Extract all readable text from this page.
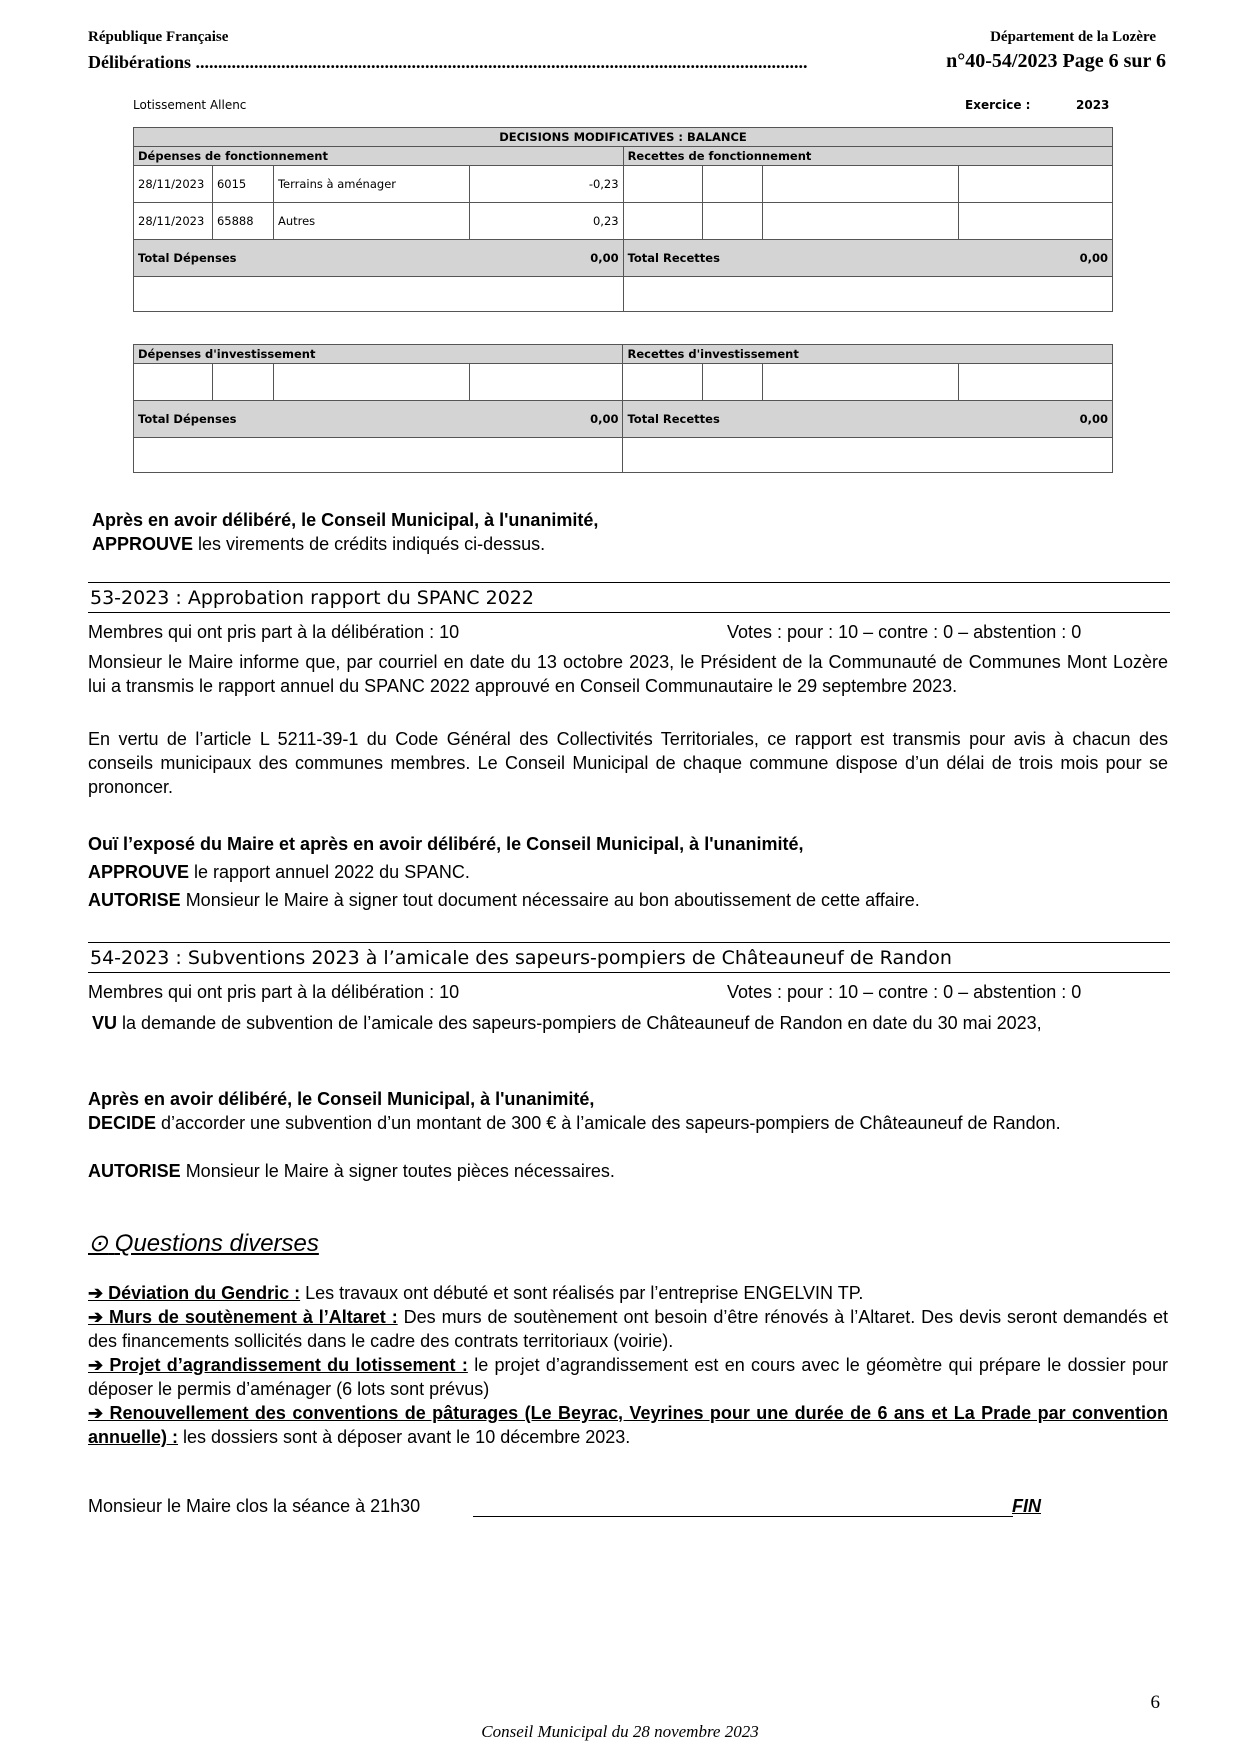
République Française	Département de la Lozère
Délibérations ........................................................................................................................................	n°40-54/2023 Page 6 sur 6
Lotissement Allenc	Exercice :	2023
DECISIONS MODIFICATIVES : BALANCE							
Dépenses de fonctionnement				Recettes de fonctionnement			
28/11/2023	6015	Terrains à aménager	-0,23				
28/11/2023	65888	Autres	0,23				
Total Dépenses			0,00	Total Recettes			0,00

Dépenses d'investissement				Recettes d'investissement			

Total Dépenses			0,00	Total Recettes			0,00

Après en avoir délibéré, le Conseil Municipal, à l'unanimité,
APPROUVE les virements de crédits indiqués ci-dessus.
53-2023 : Approbation rapport du SPANC 2022
Membres qui ont pris part à la délibération : 10	Votes : pour : 10 – contre : 0 – abstention : 0
Monsieur le Maire informe que, par courriel en date du 13 octobre 2023, le Président de la Communauté de Communes Mont Lozère lui a transmis le rapport annuel du SPANC 2022 approuvé en Conseil Communautaire le 29 septembre 2023.
En vertu de l’article L 5211-39-1 du Code Général des Collectivités Territoriales, ce rapport est transmis pour avis à chacun des conseils municipaux des communes membres. Le Conseil Municipal de chaque commune dispose d’un délai de trois mois pour se prononcer.
Ouï l’exposé du Maire et après en avoir délibéré, le Conseil Municipal, à l'unanimité,
APPROUVE le rapport annuel 2022 du SPANC.
AUTORISE Monsieur le Maire à signer tout document nécessaire au bon aboutissement de cette affaire.
54-2023 : Subventions 2023 à l’amicale des sapeurs-pompiers de Châteauneuf de Randon
Membres qui ont pris part à la délibération : 10	Votes : pour : 10 – contre : 0 – abstention : 0
VU la demande de subvention de l’amicale des sapeurs-pompiers de Châteauneuf de Randon en date du 30 mai 2023,
Après en avoir délibéré, le Conseil Municipal, à l'unanimité,
DECIDE d’accorder une subvention d’un montant de 300 € à l’amicale des sapeurs-pompiers de Châteauneuf de Randon.
AUTORISE Monsieur le Maire à signer toutes pièces nécessaires.
⊙ Questions diverses
➔ Déviation du Gendric : Les travaux ont débuté et sont réalisés par l’entreprise ENGELVIN TP.
➔ Murs de soutènement à l’Altaret : Des murs de soutènement ont besoin d’être rénovés à l’Altaret. Des devis seront demandés et des financements sollicités dans le cadre des contrats territoriaux (voirie).
➔ Projet d’agrandissement du lotissement : le projet d’agrandissement est en cours avec le géomètre qui prépare le dossier pour déposer le permis d’aménager (6 lots sont prévus)
➔ Renouvellement des conventions de pâturages (Le Beyrac, Veyrines pour une durée de 6 ans et La Prade par convention annuelle) : les dossiers sont à déposer avant le 10 décembre 2023.
Monsieur le Maire clos la séance à 21h30	FIN
6
Conseil Municipal du 28 novembre 2023
